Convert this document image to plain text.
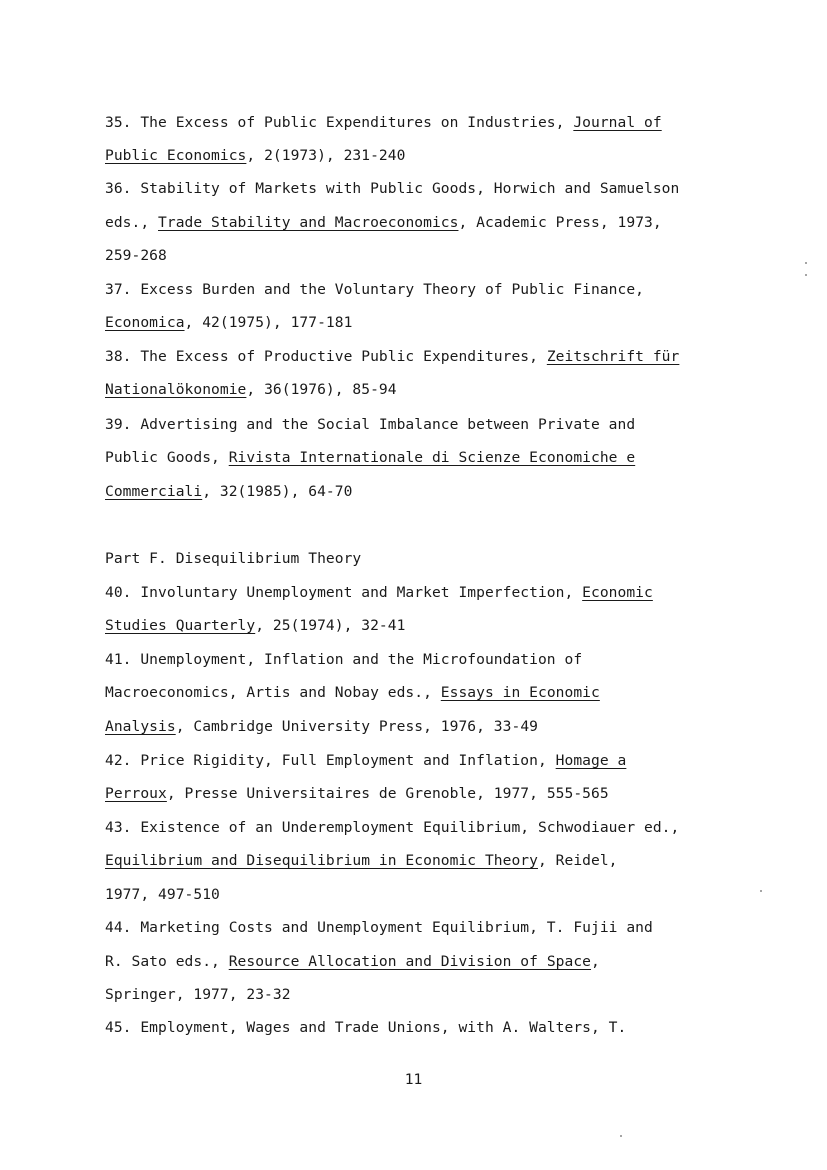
35. The Excess of Public Expenditures on Industries, Journal of
Public Economics, 2(1973), 231-240
36. Stability of Markets with Public Goods, Horwich and Samuelson
eds., Trade Stability and Macroeconomics, Academic Press, 1973,
259-268
37. Excess Burden and the Voluntary Theory of Public Finance,
Economica, 42(1975), 177-181
38. The Excess of Productive Public Expenditures, Zeitschrift für
Nationalökonomie, 36(1976), 85-94
39. Advertising and the Social Imbalance between Private and
Public Goods, Rivista Internationale di Scienze Economiche e
Commerciali, 32(1985), 64-70
Part F. Disequilibrium Theory
40. Involuntary Unemployment and Market Imperfection, Economic
Studies Quarterly, 25(1974), 32-41
41. Unemployment, Inflation and the Microfoundation of
Macroeconomics, Artis and Nobay eds., Essays in Economic
Analysis, Cambridge University Press, 1976, 33-49
42. Price Rigidity, Full Employment and Inflation, Homage a
Perroux, Presse Universitaires de Grenoble, 1977, 555-565
43. Existence of an Underemployment Equilibrium, Schwodiauer ed.,
Equilibrium and Disequilibrium in Economic Theory, Reidel,
1977, 497-510
44. Marketing Costs and Unemployment Equilibrium, T. Fujii and
R. Sato eds., Resource Allocation and Division of Space,
Springer, 1977, 23-32
45. Employment, Wages and Trade Unions, with A. Walters, T.
11
